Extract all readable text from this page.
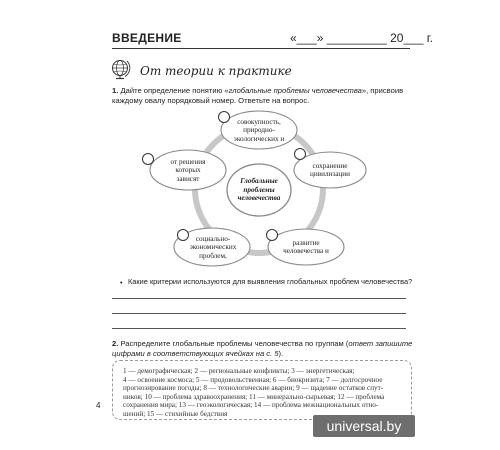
ВВЕДЕНИЕ	«___» _________ 20___ г.
От теории к практике
1. Дайте определение понятию «глобальные проблемы человечества», присвоив каждому овалу порядковый номер. Ответьте на вопрос.
Глобальные
проблемы
человечества
совокупность,
природно-
экологических и
сохранение
цивилизации
развитие
человечества и
социально-
экономических
проблем,
от решения
которых
зависят
• Какие критерии используются для выявления глобальных проблем человечества?
2. Распределите глобальные проблемы человечества по группам (ответ запишите цифрами в соответствующих ячейках на с. 5).
1 — демографическая; 2 — региональные конфликты; 3 — энергетическая;
4 — освоение космоса; 5 — продовольственная; 6 — биокризита; 7 — долгосрочное
прогнозирование погоды; 8 — технологические аварии; 9 — щадение остатков спут-
ников; 10 — проблема здравоохранения; 11 — минерально-сырьевая; 12 — проблема
сохранения мира; 13 — геоэкологическая; 14 — проблема межнациональных отно-
шений; 15 — стихийные бедствия
4
universal.by
